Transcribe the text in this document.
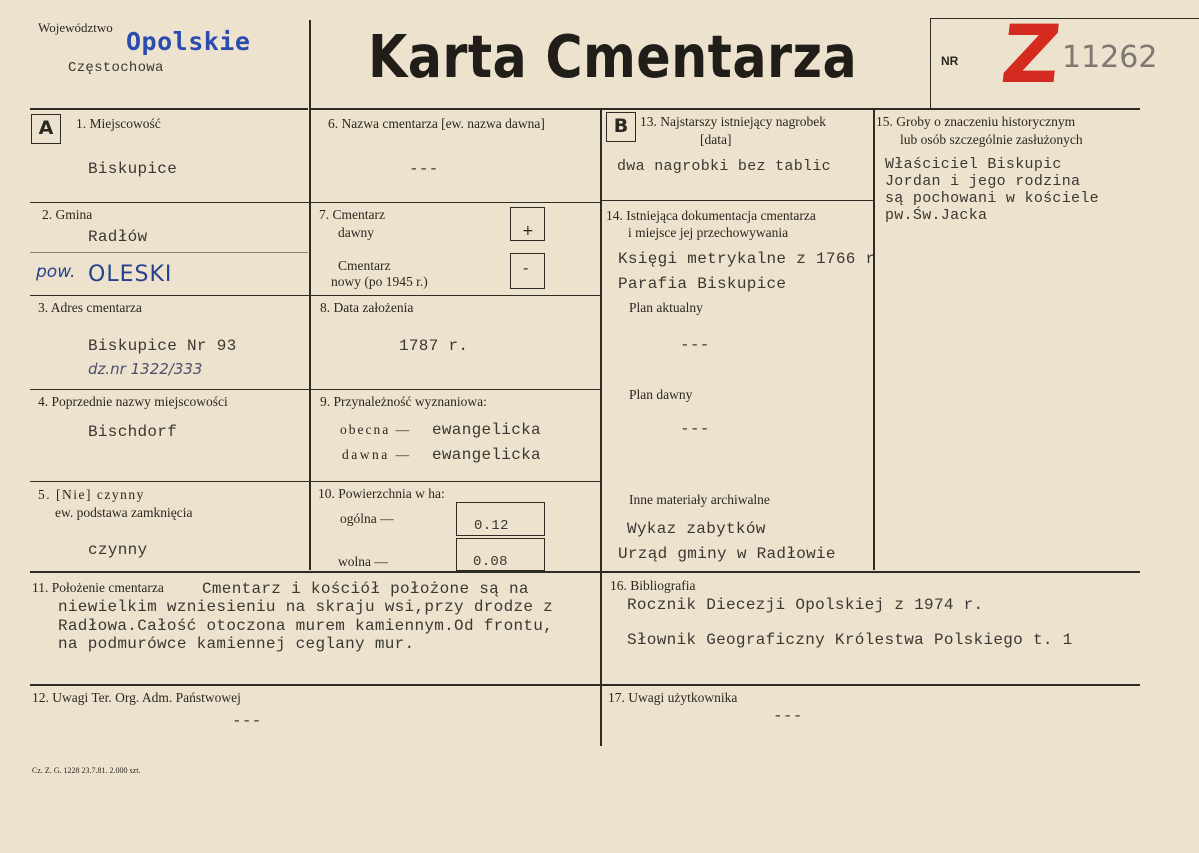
Województwo Opolskie
Częstochowa	Karta Cmentarza	NR Z
11262
A	1. Miejscowość
Biskupice
2. Gmina
Radłów
pow. OLESKI
3. Adres cmentarza
Biskupice Nr 93
dz.nr 1322/333
4. Poprzednie nazwy miejscowości
Bischdorf
5. [Nie] czynny
ew. podstawa zamknięcia
czynny
6. Nazwa cmentarza [ew. nazwa dawna]
---
7. Cmentarz
dawny	+
Cmentarz
nowy (po 1945 r.)
-
8. Data założenia
1787 r.
9. Przynależność wyznaniowa:
obecna — ewangelicka
dawna — ewangelicka
10. Powierzchnia w ha:
ogólna —	0.12
wolna —	0.08
B 13. Najstarszy istniejący nagrobek
[data]
dwa nagrobki bez tablic
14. Istniejąca dokumentacja cmentarza
i miejsce jej przechowywania
Księgi metrykalne z 1766 r
Parafia Biskupice
Plan aktualny
---
Plan dawny
---
Inne materiały archiwalne
Wykaz zabytków
Urząd gminy w Radłowie
15. Groby o znaczeniu historycznym
lub osób szczególnie zasłużonych
Właściciel Biskupic
Jordan i jego rodzina
są pochowani w kościele
pw.Św.Jacka
11. Położenie cmentarza Cmentarz i kościół położone są na
niewielkim wzniesieniu na skraju wsi,przy drodze z
Radłowa.Całość otoczona murem kamiennym.Od frontu,
na podmurówce kamiennej ceglany mur.
16. Bibliografia
Rocznik Diecezji Opolskiej z 1974 r.
Słownik Geograficzny Królestwa Polskiego t. 1
12. Uwagi Ter. Org. Adm. Państwowej
---
17. Uwagi użytkownika
---
Cz. Z. G. 1228 23.7.81. 2.000 szt.
